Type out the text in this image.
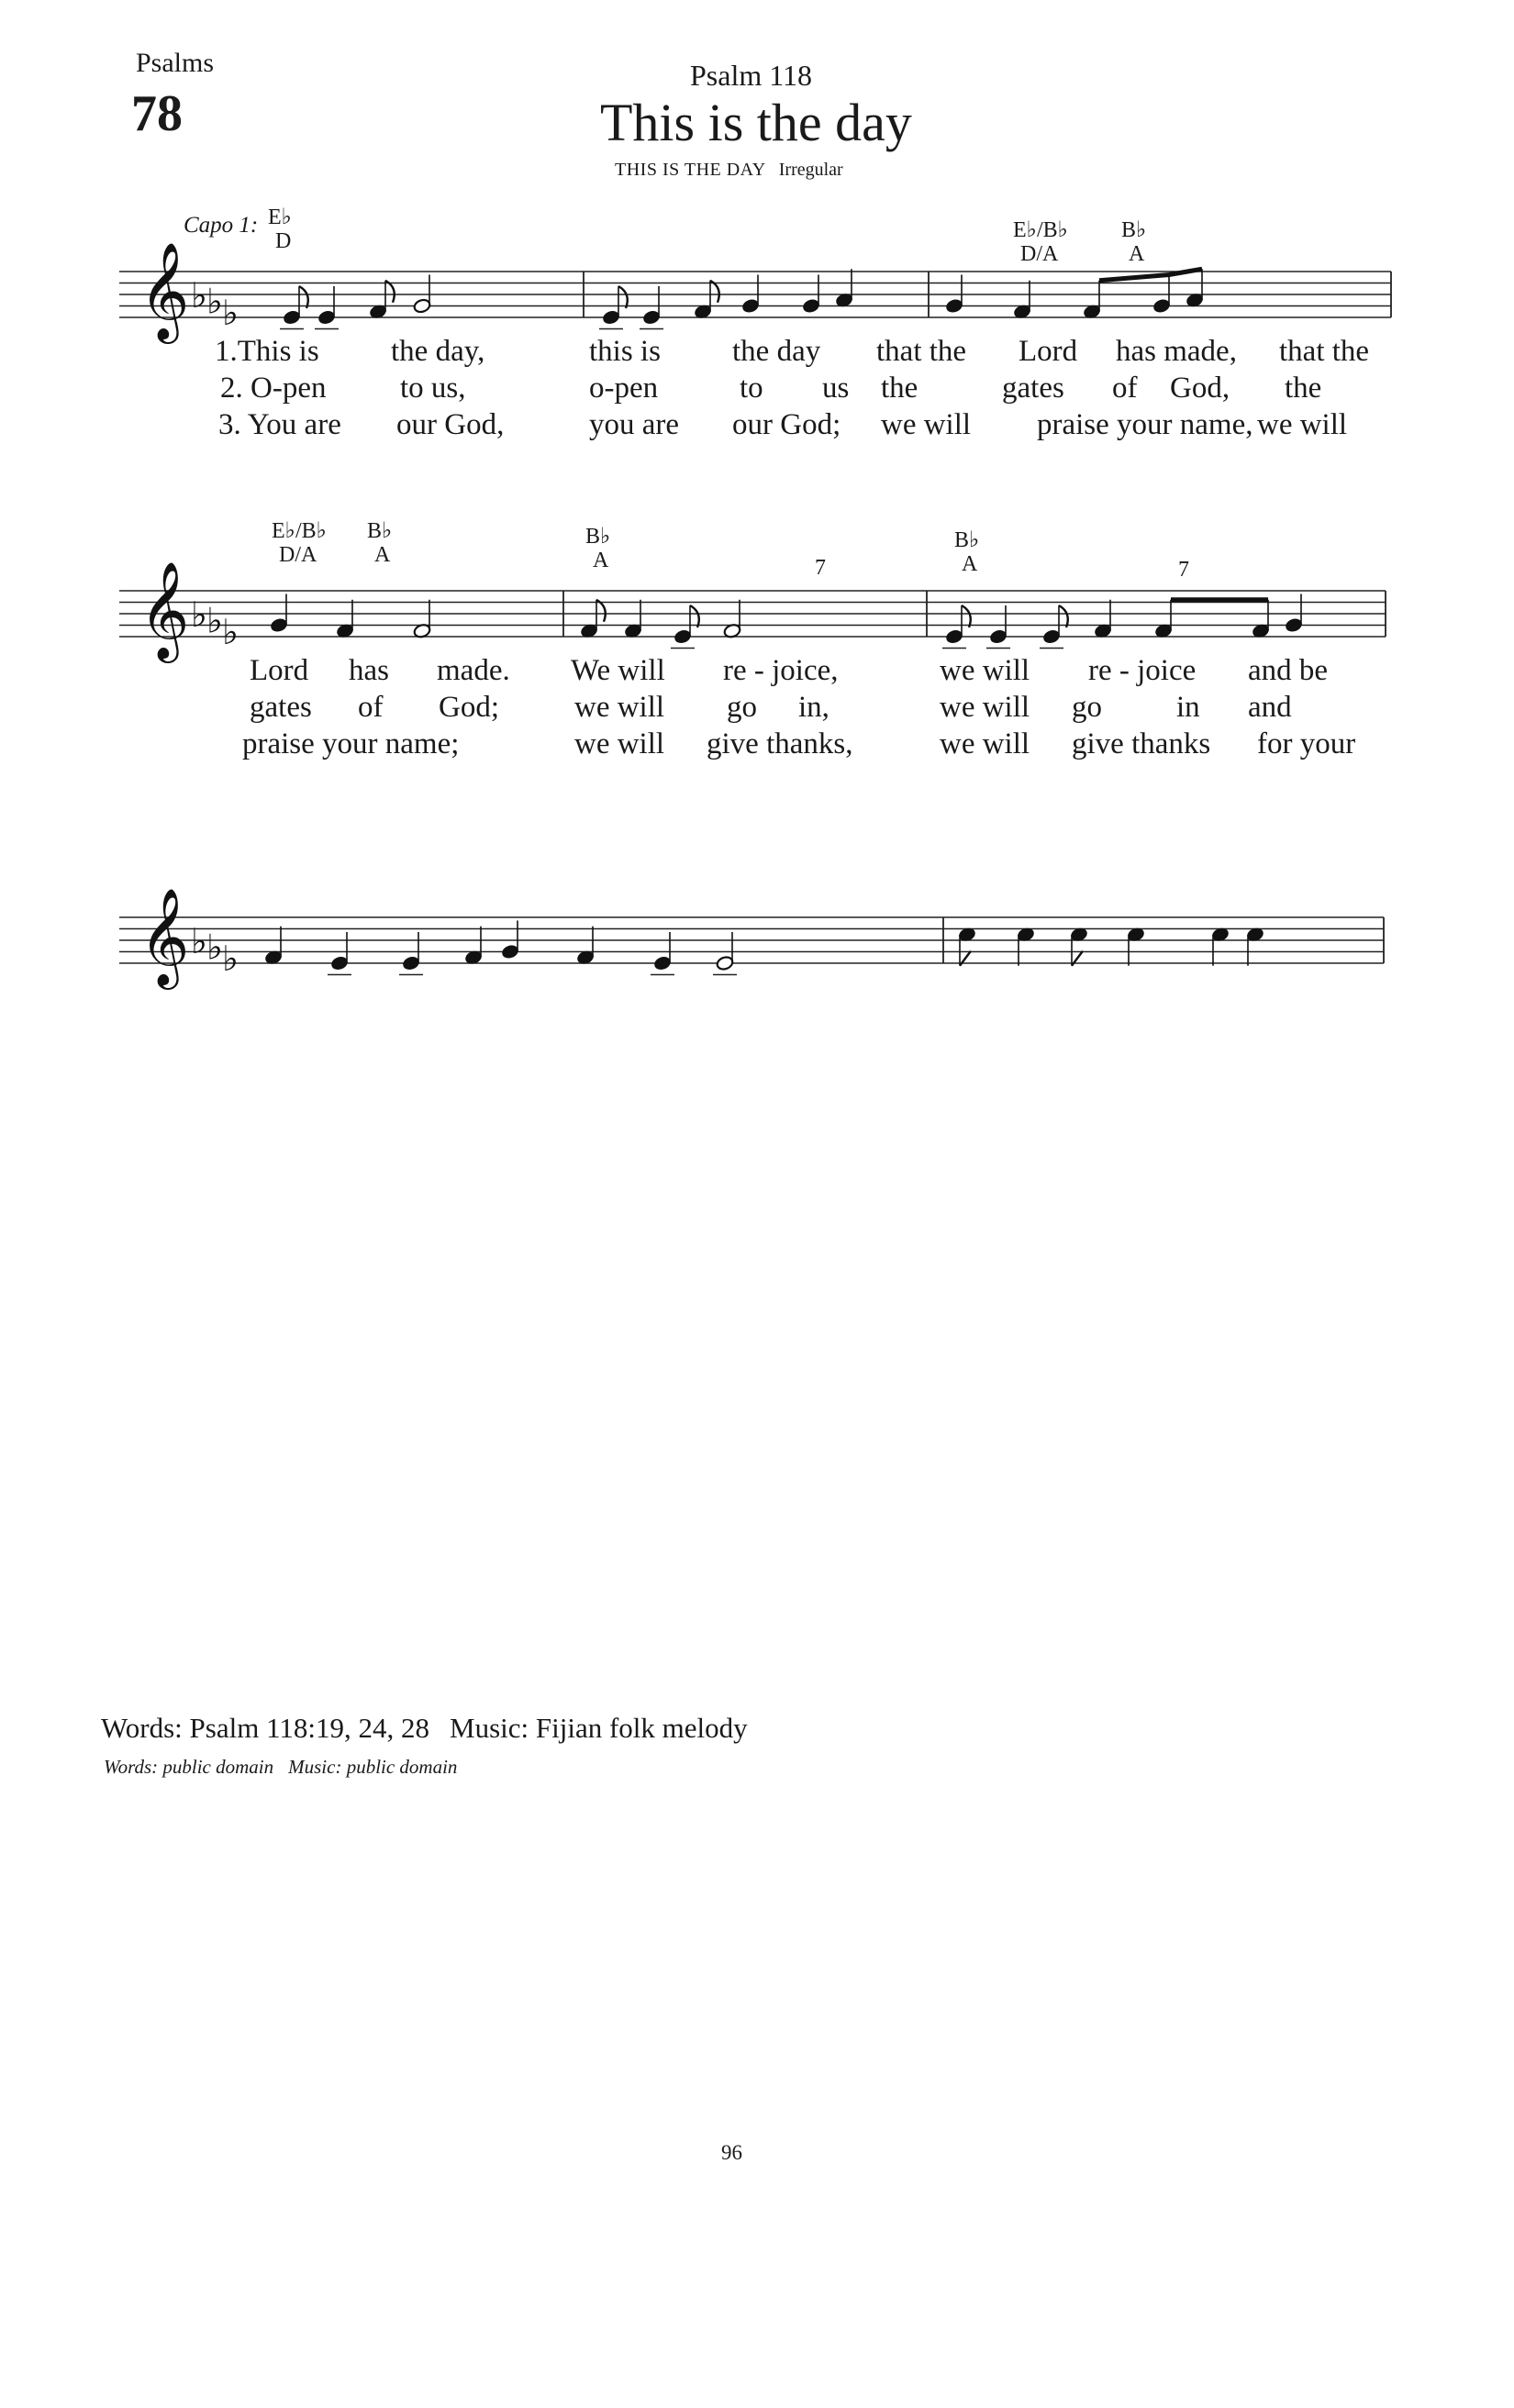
Psalms
78
Psalm 118
This is the day
THIS IS THE DAY Irregular
Capo 1:
𝄞 ♭ ♭ ♭
𝄞 ♭ ♭ ♭
𝄞 ♭ ♭ ♭
E♭
D	E♭/B♭
D/A
B♭
A
1.This is the day,	this is the day that the Lord has made, that the
2. O-pen to us,	o-pen	to us the	gates of God, the
3. You are our God,	you are our God; we will praise your name, we will
E♭/B♭
D/A
B♭
A
B♭
A	7
B♭
A	7
Lord has made. We will re - joice,	we will re - joice and be
gates of God; we will go in,	we will go in and
praise your name;	we will give thanks,	we will give thanks for your
Words: Psalm 118:19, 24, 28 Music: Fijian folk melody
Words: public domain Music: public domain
96
